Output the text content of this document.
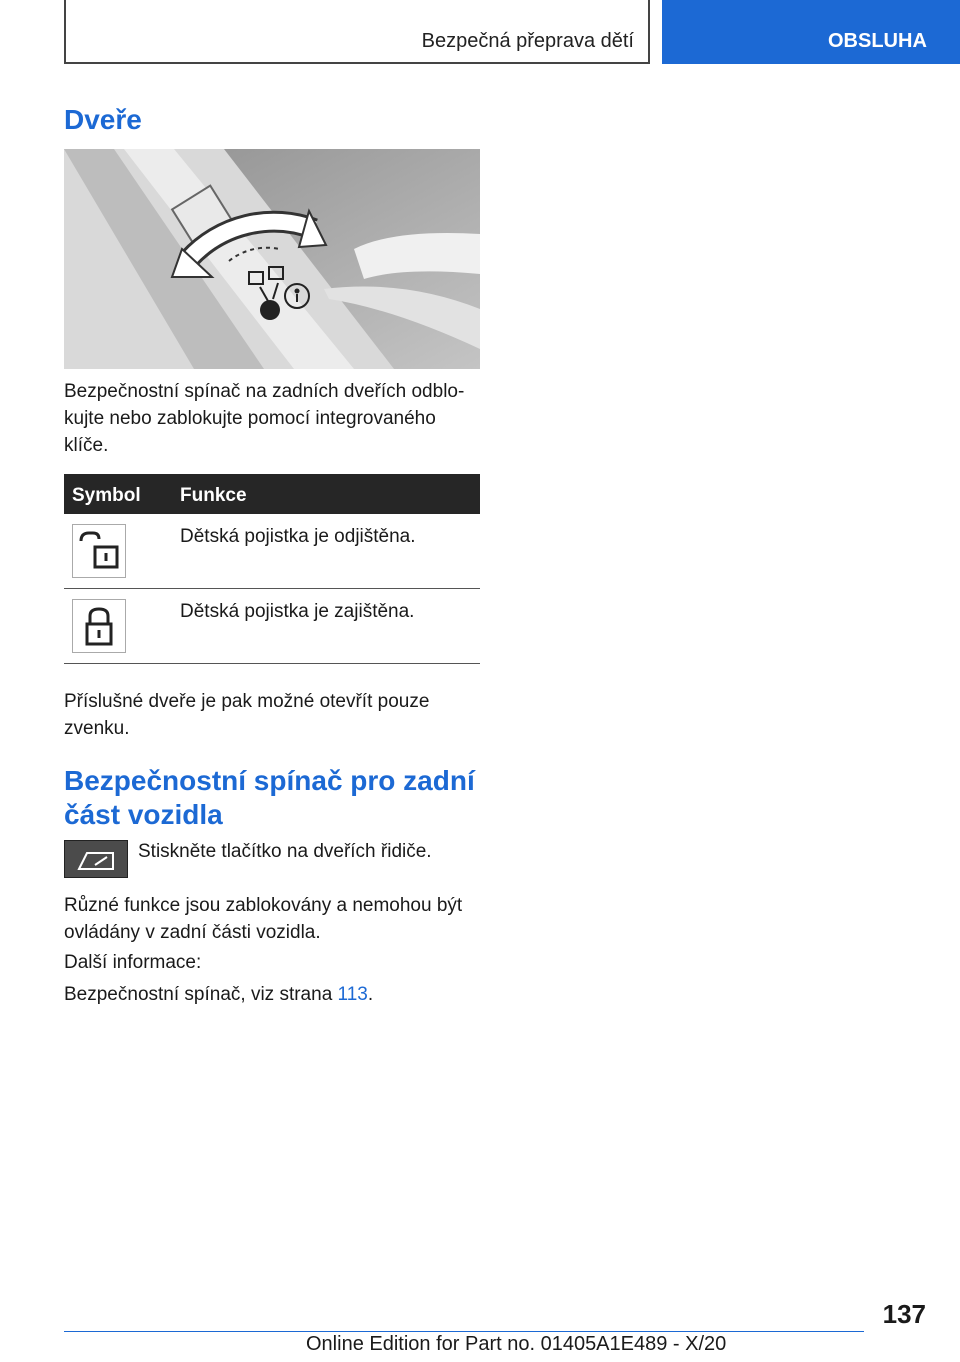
Bezpečná přeprava dětí	OBSLUHA
Dveře
Bezpečnostní spínač na zadních dveřích odblo-
kujte nebo zablokujte pomocí integrovaného
klíče.
Symbol Funkce
Dětská pojistka je odjištěna.
Dětská pojistka je zajištěna.
Příslušné dveře je pak možné otevřít pouze
zvenku.
Bezpečnostní spínač pro zadní
část vozidla
Stiskněte tlačítko na dveřích řidiče.
Různé funkce jsou zablokovány a nemohou být
ovládány v zadní části vozidla.
Další informace:
Bezpečnostní spínač, viz strana 113.
137
Online Edition for Part no. 01405A1E489 - X/20
